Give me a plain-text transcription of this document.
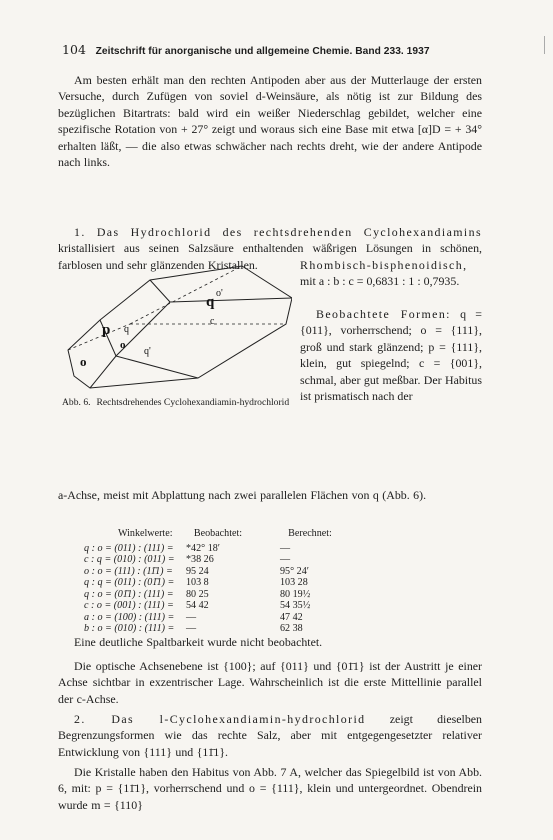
104 Zeitschrift für anorganische und allgemeine Chemie. Band 233. 1937

Am besten erhält man den rechten Antipoden aber aus der Mutterlauge der ersten Versuche, durch Zufügen von soviel d-Weinsäure, als nötig ist zur Bildung des bezüglichen Bitartrats: bald wird ein weißer Niederschlag gebildet, welcher eine spezifische Rotation von + 27° zeigt und woraus sich eine Base mit etwa [α]D = + 34° erhalten läßt, — die also etwas schwächer nach rechts dreht, wie der andere Antipode nach links.

1. Das Hydrochlorid des rechtsdrehenden Cyclohexandiamins kristallisiert aus seinen Salzsäure enthaltenden wäßrigen Lösungen in schönen, farblosen und sehr glänzenden Kristallen.

q
o'
q
o
q'
c
p
o
Abb. 6. Rechtsdrehendes Cyclohexandiamin-hydrochlorid

Rhombisch-bisphenoidisch, mit a : b : c = 0,6831 : 1 : 0,7935.

Beobachtete Formen: q = {011}, vorherrschend; o = {111}, groß und stark glänzend; p = {111}, klein, gut spiegelnd; c = {001}, schmal, aber gut meßbar. Der Habitus ist prismatisch nach der

a-Achse, meist mit Abplattung nach zwei parallelen Flächen von q (Abb. 6).

Winkelwerte:	Beobachtet:	Berechnet:
q : o = (011) : (111) =	*42° 18′	—
c : q = (010) : (011) =	*38 26	—
o : o = (111) : (11̄1) =	95 24	95° 24′
q : q = (011) : (01̄1) =	103 8	103 28
q : o = (01̄1) : (111) =	80 25	80 19½
c : o = (001) : (111) =	54 42	54 35½
a : o = (100) : (111) =	—	47 42
b : o = (010) : (111) =	—	62 38

Eine deutliche Spaltbarkeit wurde nicht beobachtet.

Die optische Achsenebene ist {100}; auf {011} und {01̄1} ist der Austritt je einer Achse sichtbar in exzentrischer Lage. Wahrscheinlich ist die erste Mittellinie parallel der c-Achse.

2. Das l-Cyclohexandiamin-hydrochlorid zeigt dieselben Begrenzungsformen wie das rechte Salz, aber mit entgegengesetzter relativer Entwicklung von {111} und {11̄1}.

Die Kristalle haben den Habitus von Abb. 7 A, welcher das Spiegelbild ist von Abb. 6, mit: p = {11̄1}, vorherrschend und o = {111}, klein und untergeordnet. Obendrein wurde m = {110}
